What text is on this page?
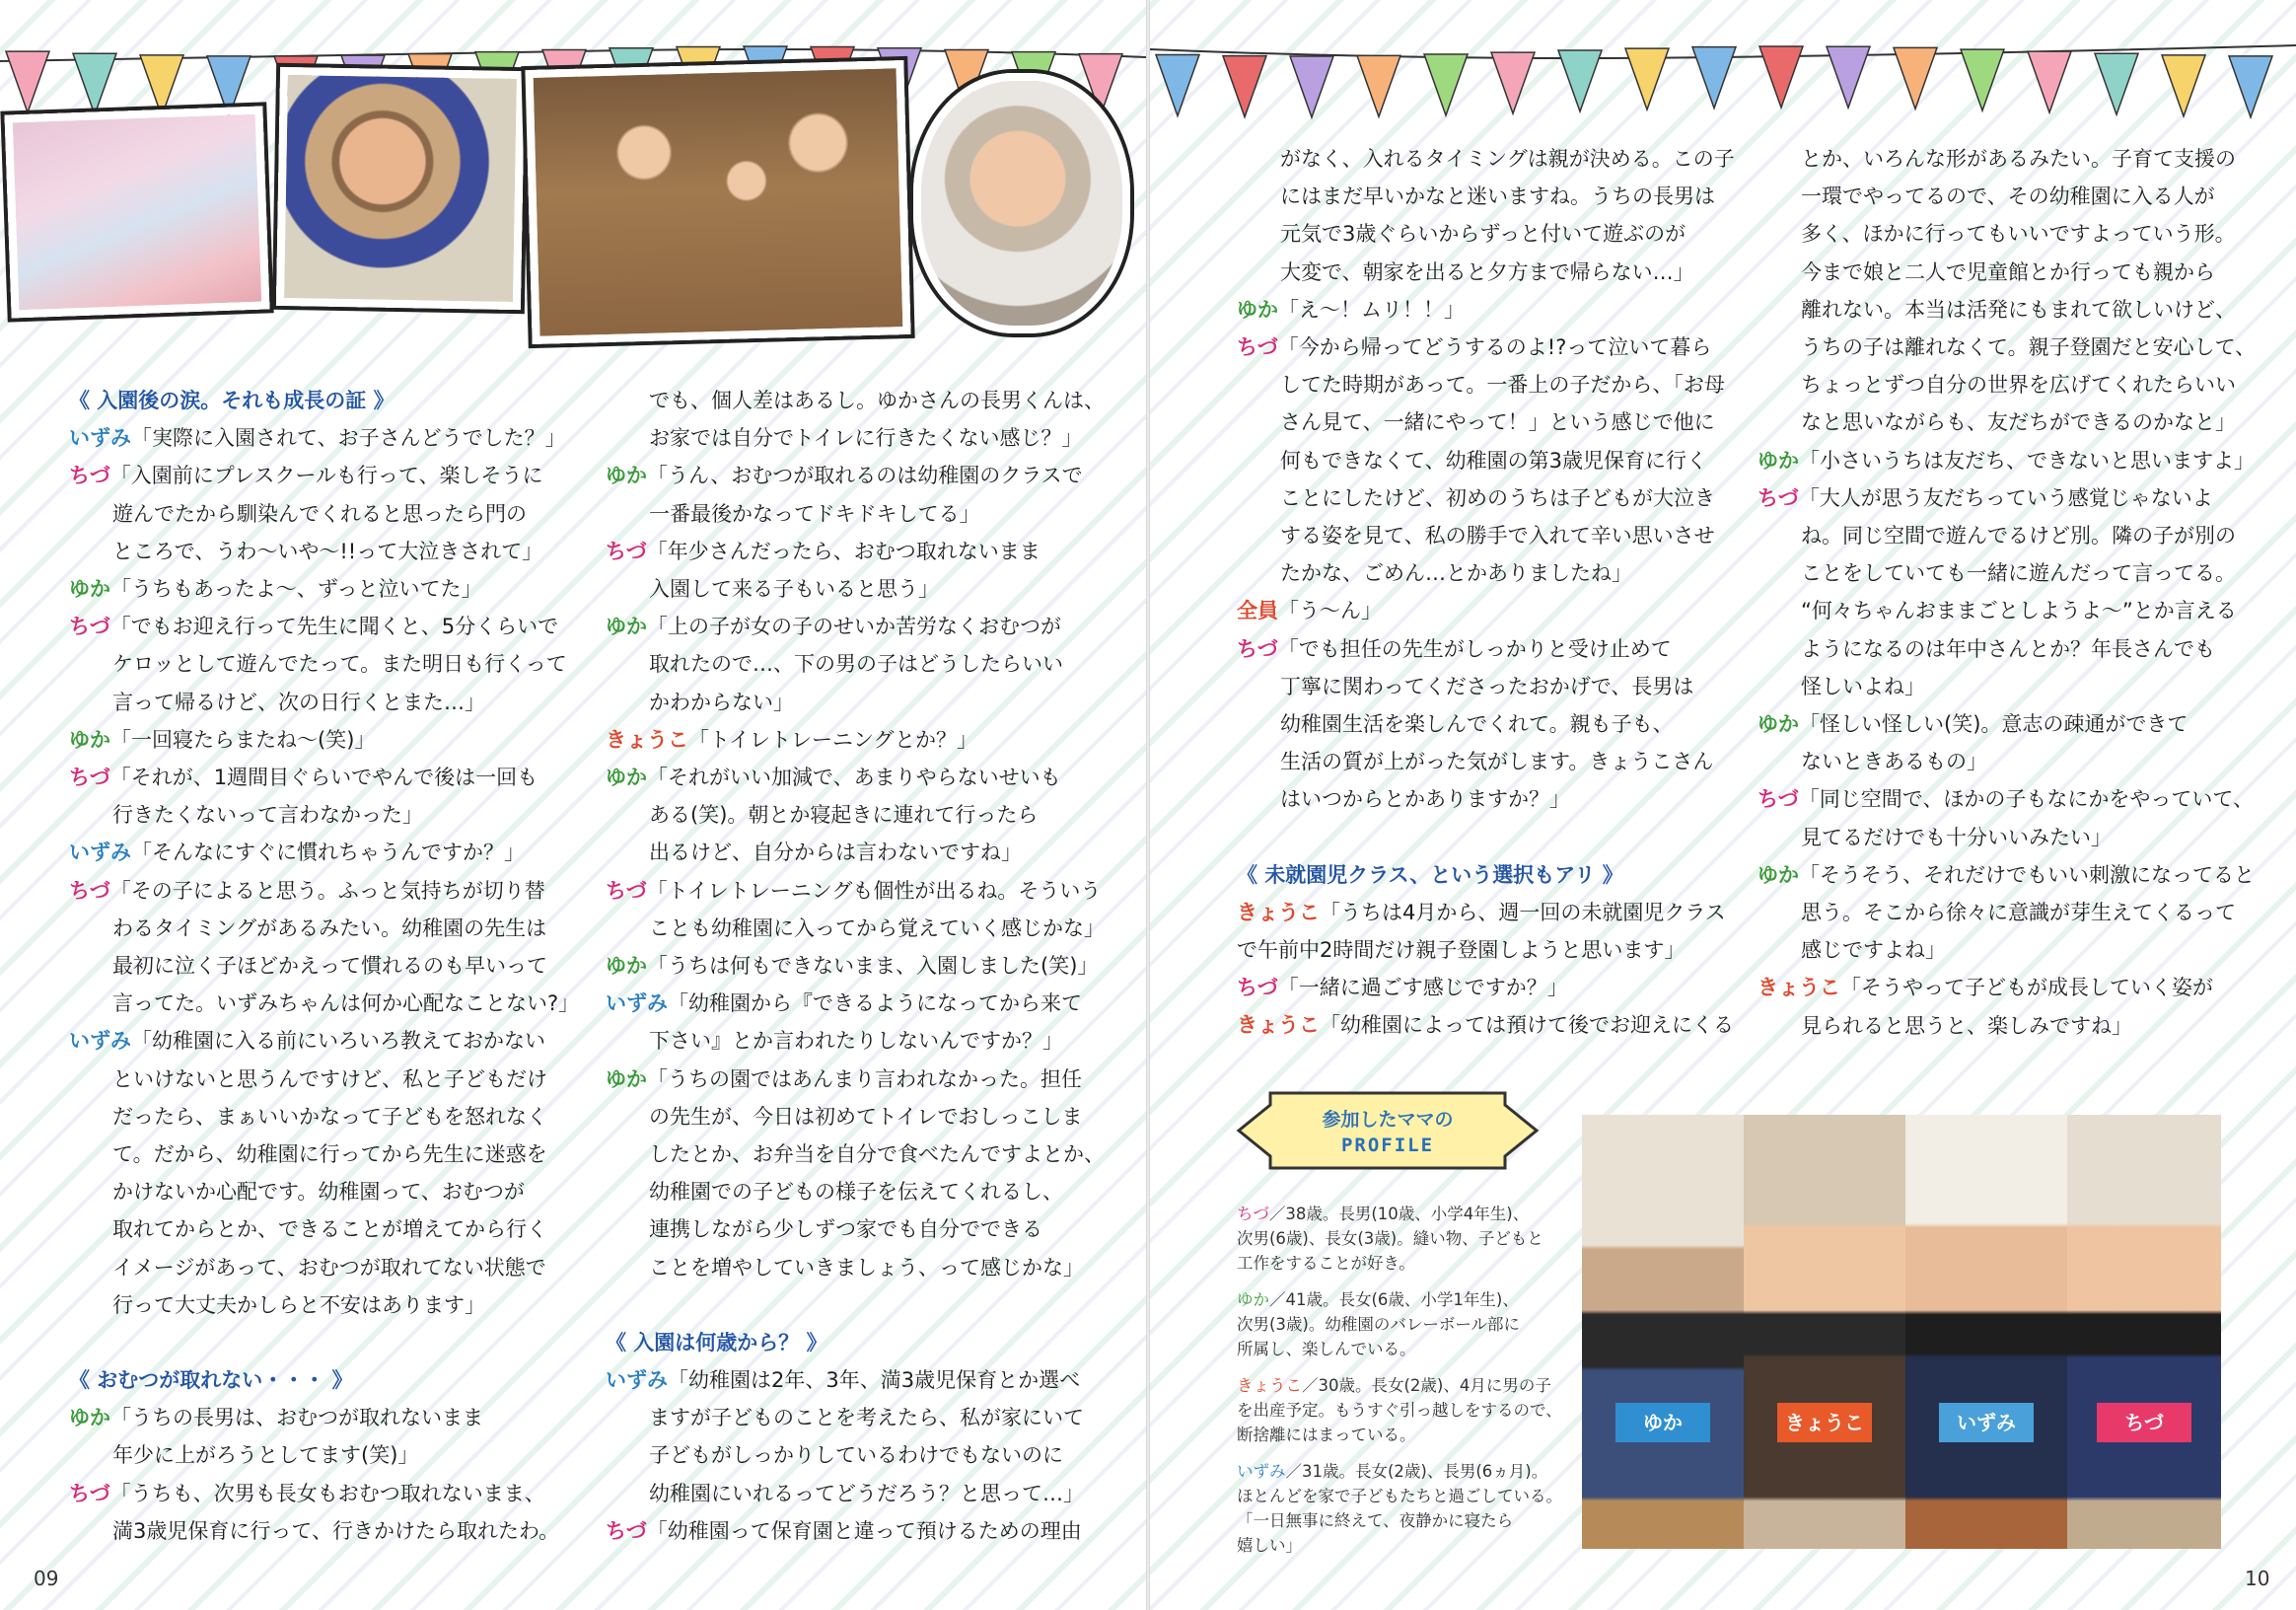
《 入園後の涙。それも成長の証 》

いずみ「実際に入園されて、お子さんどうでした？」

ちづ「入園前にプレスクールも行って、楽しそうに

遊んでたから馴染んでくれると思ったら門の

ところで、うわ〜いや〜!!って大泣きされて」

ゆか「うちもあったよ〜、ずっと泣いてた」

ちづ「でもお迎え行って先生に聞くと、5分くらいで

ケロッとして遊んでたって。また明日も行くって

言って帰るけど、次の日行くとまた…」

ゆか「一回寝たらまたね〜(笑)」

ちづ「それが、1週間目ぐらいでやんで後は一回も

行きたくないって言わなかった」

いずみ「そんなにすぐに慣れちゃうんですか？」

ちづ「その子によると思う。ふっと気持ちが切り替

わるタイミングがあるみたい。幼稚園の先生は

最初に泣く子ほどかえって慣れるのも早いって

言ってた。いずみちゃんは何か心配なことない?」

いずみ「幼稚園に入る前にいろいろ教えておかない

といけないと思うんですけど、私と子どもだけ

だったら、まぁいいかなって子どもを怒れなく

て。だから、幼稚園に行ってから先生に迷惑を

かけないか心配です。幼稚園って、おむつが

取れてからとか、できることが増えてから行く

イメージがあって、おむつが取れてない状態で

行って大丈夫かしらと不安はあります」

《 おむつが取れない・・・ 》

ゆか「うちの長男は、おむつが取れないまま

年少に上がろうとしてます(笑)」

ちづ「うちも、次男も長女もおむつ取れないまま、

満3歳児保育に行って、行きかけたら取れたわ。

でも、個人差はあるし。ゆかさんの長男くんは、

お家では自分でトイレに行きたくない感じ？」

ゆか「うん、おむつが取れるのは幼稚園のクラスで

一番最後かなってドキドキしてる」

ちづ「年少さんだったら、おむつ取れないまま

入園して来る子もいると思う」

ゆか「上の子が女の子のせいか苦労なくおむつが

取れたので…、下の男の子はどうしたらいい

かわからない」

きょうこ「トイレトレーニングとか？」

ゆか「それがいい加減で、あまりやらないせいも

ある(笑)。朝とか寝起きに連れて行ったら

出るけど、自分からは言わないですね」

ちづ「トイレトレーニングも個性が出るね。そういう

ことも幼稚園に入ってから覚えていく感じかな」

ゆか「うちは何もできないまま、入園しました(笑)」

いずみ「幼稚園から『できるようになってから来て

下さい』とか言われたりしないんですか？」

ゆか「うちの園ではあんまり言われなかった。担任

の先生が、今日は初めてトイレでおしっこしま

したとか、お弁当を自分で食べたんですよとか、

幼稚園での子どもの様子を伝えてくれるし、

連携しながら少しずつ家でも自分でできる

ことを増やしていきましょう、って感じかな」

《 入園は何歳から？ 》

いずみ「幼稚園は2年、3年、満3歳児保育とか選べ

ますが子どものことを考えたら、私が家にいて

子どもがしっかりしているわけでもないのに

幼稚園にいれるってどうだろう？と思って…」

ちづ「幼稚園って保育園と違って預けるための理由

09

がなく、入れるタイミングは親が決める。この子

にはまだ早いかなと迷いますね。うちの長男は

元気で3歳ぐらいからずっと付いて遊ぶのが

大変で、朝家を出ると夕方まで帰らない…」

ゆか「え〜！ムリ！！」

ちづ「今から帰ってどうするのよ!?って泣いて暮ら

してた時期があって。一番上の子だから、「お母

さん見て、一緒にやって！」という感じで他に

何もできなくて、幼稚園の第3歳児保育に行く

ことにしたけど、初めのうちは子どもが大泣き

する姿を見て、私の勝手で入れて辛い思いさせ

たかな、ごめん…とかありましたね」

全員「う〜ん」

ちづ「でも担任の先生がしっかりと受け止めて

丁寧に関わってくださったおかげで、長男は

幼稚園生活を楽しんでくれて。親も子も、

生活の質が上がった気がします。きょうこさん

はいつからとかありますか？」

《 未就園児クラス、という選択もアリ 》

きょうこ「うちは4月から、週一回の未就園児クラス

で午前中2時間だけ親子登園しようと思います」

ちづ「一緒に過ごす感じですか？」

きょうこ「幼稚園によっては預けて後でお迎えにくる

とか、いろんな形があるみたい。子育て支援の

一環でやってるので、その幼稚園に入る人が

多く、ほかに行ってもいいですよっていう形。

今まで娘と二人で児童館とか行っても親から

離れない。本当は活発にもまれて欲しいけど、

うちの子は離れなくて。親子登園だと安心して、

ちょっとずつ自分の世界を広げてくれたらいい

なと思いながらも、友だちができるのかなと」

ゆか「小さいうちは友だち、できないと思いますよ」

ちづ「大人が思う友だちっていう感覚じゃないよ

ね。同じ空間で遊んでるけど別。隣の子が別の

ことをしていても一緒に遊んだって言ってる。

“何々ちゃんおままごとしようよ〜”とか言える

ようになるのは年中さんとか？年長さんでも

怪しいよね」

ゆか「怪しい怪しい(笑)。意志の疎通ができて

ないときあるもの」

ちづ「同じ空間で、ほかの子もなにかをやっていて、

見てるだけでも十分いいみたい」

ゆか「そうそう、それだけでもいい刺激になってると

思う。そこから徐々に意識が芽生えてくるって

感じですよね」

きょうこ「そうやって子どもが成長していく姿が

見られると思うと、楽しみですね」

10
参加したママの
PROFILE

ちづ／38歳。長男(10歳、小学4年生)、

次男(6歳)、長女(3歳)。縫い物、子どもと

工作をすることが好き。

ゆか／41歳。長女(6歳、小学1年生)、

次男(3歳)。幼稚園のバレーボール部に

所属し、楽しんでいる。

きょうこ／30歳。長女(2歳)、4月に男の子

を出産予定。もうすぐ引っ越しをするので、

断捨離にはまっている。

いずみ／31歳。長女(2歳)、長男(6ヵ月)。

ほとんどを家で子どもたちと過ごしている。

「一日無事に終えて、夜静かに寝たら

嬉しい」

ゆか	きょうこ	いずみ	ちづ
